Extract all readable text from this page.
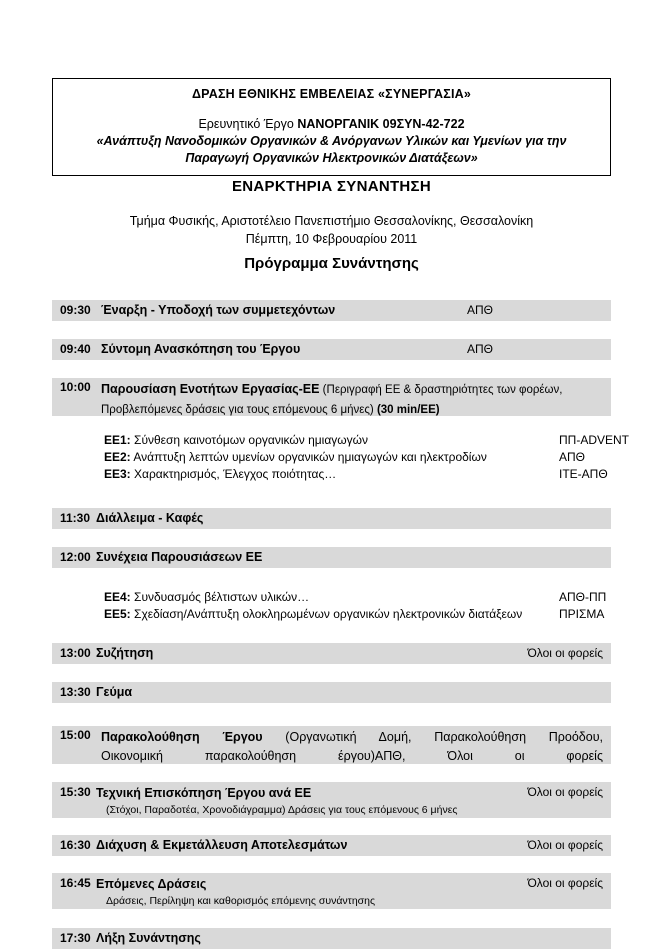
ΔΡΑΣΗ ΕΘΝΙΚΗΣ ΕΜΒΕΛΕΙΑΣ «ΣΥΝΕΡΓΑΣΙΑ»
Ερευνητικό Έργο ΝΑΝΟΡΓΑΝΙΚ 09ΣΥΝ-42-722
«Ανάπτυξη Νανοδομικών Οργανικών & Ανόργανων Υλικών και Υμενίων για την Παραγωγή Οργανικών Ηλεκτρονικών Διατάξεων»
ΕΝΑΡΚΤΗΡΙΑ ΣΥΝΑΝΤΗΣΗ
Τμήμα Φυσικής, Αριστοτέλειο Πανεπιστήμιο Θεσσαλονίκης, Θεσσαλονίκη
Πέμπτη, 10 Φεβρουαρίου 2011
Πρόγραμμα Συνάντησης
09:30 Έναρξη - Υποδοχή των συμμετεχόντων	ΑΠΘ
09:40 Σύντομη Ανασκόπηση του Έργου	ΑΠΘ
10:00 Παρουσίαση Ενοτήτων Εργασίας-ΕΕ (Περιγραφή ΕΕ & δραστηριότητες των φορέων,
Προβλεπόμενες δράσεις για τους επόμενους 6 μήνες) (30 min/EE)
ΕΕ1: Σύνθεση καινοτόμων οργανικών ημιαγωγών	ΠΠ-ADVENT
ΕΕ2: Ανάπτυξη λεπτών υμενίων οργανικών ημιαγωγών και ηλεκτροδίων	ΑΠΘ
ΕΕ3: Χαρακτηρισμός, Έλεγχος ποιότητας…	ΙΤΕ-ΑΠΘ
11:30 Διάλλειμα - Καφές
12:00 Συνέχεια Παρουσιάσεων ΕΕ
ΕΕ4: Συνδυασμός βέλτιστων υλικών…	ΑΠΘ-ΠΠ
ΕΕ5: Σχεδίαση/Ανάπτυξη ολοκληρωμένων οργανικών ηλεκτρονικών διατάξεων	ΠΡΙΣΜΑ
13:00 Συζήτηση	Όλοι οι φορείς
13:30 Γεύμα
15:00 Παρακολούθηση Έργου (Οργανωτική Δομή, Παρακολούθηση Προόδου,
Οικονομική παρακολούθηση έργου)ΑΠΘ, Όλοι οι φορείς
15:30 Τεχνική Επισκόπηση Έργου ανά ΕΕ	Όλοι οι φορείς
(Στόχοι, Παραδοτέα, Χρονοδιάγραμμα) Δράσεις για τους επόμενους 6 μήνες
16:30 Διάχυση & Εκμετάλλευση Αποτελεσμάτων	Όλοι οι φορείς
16:45 Επόμενες Δράσεις	Όλοι οι φορείς
Δράσεις, Περίληψη και καθορισμός επόμενης συνάντησης
17:30 Λήξη Συνάντησης
